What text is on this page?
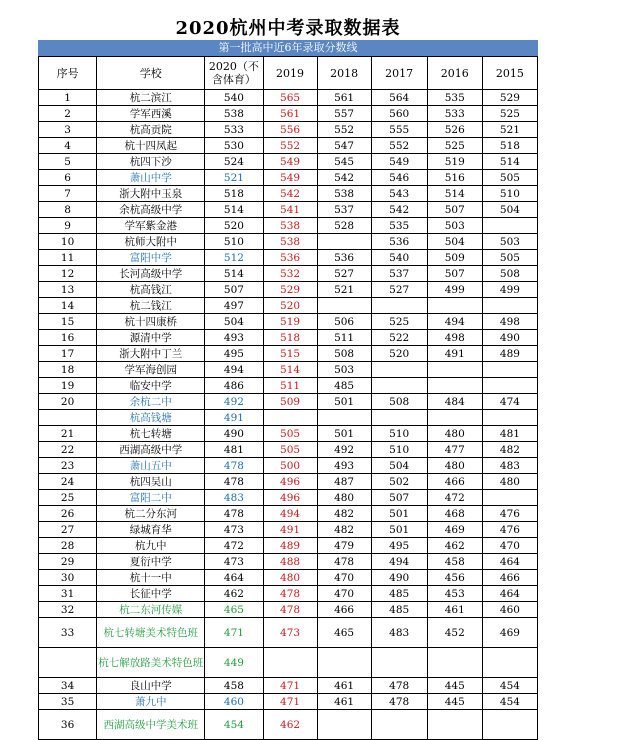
2020杭州中考录取数据表
第一批高中近6年录取分数线
序号	学校	2020（不含体育）	2019	2018	2017	2016	2015
1	杭二滨江	540	565	561	564	535	529
2	学军西溪	538	561	557	560	533	525
3	杭高贡院	533	556	552	555	526	521
4	杭十四凤起	530	552	547	552	525	518
5	杭四下沙	524	549	545	549	519	514
6	萧山中学	521	549	542	546	516	505
7	浙大附中玉泉	518	542	538	543	514	510
8	余杭高级中学	514	541	537	542	507	504
9	学军紫金港	520	538	528	535	503	
10	杭师大附中	510	538		536	504	503
11	富阳中学	512	536	536	540	509	505
12	长河高级中学	514	532	527	537	507	508
13	杭高钱江	507	529	521	527	499	499
14	杭二钱江	497	520				
15	杭十四康桥	504	519	506	525	494	498
16	源清中学	493	518	511	522	498	490
17	浙大附中丁兰	495	515	508	520	491	489
18	学军海创园	494	514	503			
19	临安中学	486	511	485			
20	余杭二中	492	509	501	508	484	474
	杭高钱塘	491					
21	杭七转塘	490	505	501	510	480	481
22	西湖高级中学	481	505	492	510	477	482
23	萧山五中	478	500	493	504	480	483
24	杭四吴山	478	496	487	502	466	480
25	富阳二中	483	496	480	507	472	
26	杭二分东河	478	494	482	501	468	476
27	绿城育华	473	491	482	501	469	476
28	杭九中	472	489	479	495	462	470
29	夏衍中学	473	488	478	494	458	464
30	杭十一中	464	480	470	490	456	466
31	长征中学	462	478	470	485	453	464
32	杭二东河传媒	465	478	466	485	461	460
33	杭七转塘美术特色班	471	473	465	483	452	469
	杭七解放路美术特色班	449					
34	良山中学	458	471	461	478	445	454
35	萧九中	460	471	461	478	445	454
36	西湖高级中学美术班	454	462				
